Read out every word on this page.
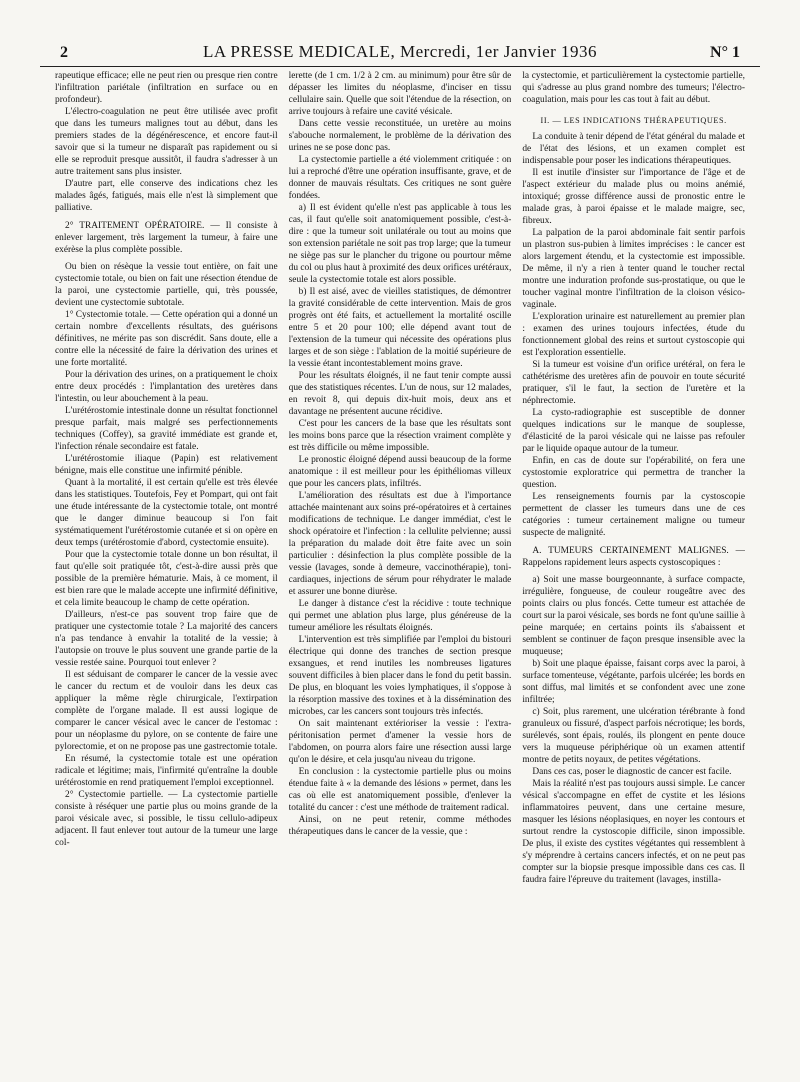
2	LA PRESSE MEDICALE, Mercredi, 1er Janvier 1936	N° 1

rapeutique efficace; elle ne peut rien ou presque rien contre l'infiltration pariétale (infiltration en surface ou en profondeur).

L'électro-coagulation ne peut être utilisée avec profit que dans les tumeurs malignes tout au début, dans les premiers stades de la dégénérescence, et encore faut-il savoir que si la tumeur ne disparaît pas rapidement ou si elle se reproduit presque aussitôt, il faudra s'adresser à un autre traitement sans plus insister.

D'autre part, elle conserve des indications chez les malades âgés, fatigués, mais elle n'est là simplement que palliative.

2° TRAITEMENT OPÉRATOIRE. — Il consiste à enlever largement, très largement la tumeur, à faire une exérèse la plus complète possible.

Ou bien on résèque la vessie tout entière, on fait une cystectomie totale, ou bien on fait une résection étendue de la paroi, une cystectomie partielle, qui, très poussée, devient une cystectomie subtotale.

1° Cystectomie totale. — Cette opération qui a donné un certain nombre d'excellents résultats, des guérisons définitives, ne mérite pas son discrédit. Sans doute, elle a contre elle la nécessité de faire la dérivation des urines et une forte mortalité.

Pour la dérivation des urines, on a pratiquement le choix entre deux procédés : l'implantation des uretères dans l'intestin, ou leur abouchement à la peau.

L'urétérostomie intestinale donne un résultat fonctionnel presque parfait, mais malgré ses perfectionnements techniques (Coffey), sa gravité immédiate est grande et, l'infection rénale secondaire est fatale.

L'urétérostomie iliaque (Papin) est relativement bénigne, mais elle constitue une infirmité pénible.

Quant à la mortalité, il est certain qu'elle est très élevée dans les statistiques. Toutefois, Fey et Pompart, qui ont fait une étude intéressante de la cystectomie totale, ont montré que le danger diminue beaucoup si l'on fait systématiquement l'urétérostomie cutanée et si on opère en deux temps (urétérostomie d'abord, cystectomie ensuite).

Pour que la cystectomie totale donne un bon résultat, il faut qu'elle soit pratiquée tôt, c'est-à-dire aussi près que possible de la première hématurie. Mais, à ce moment, il est bien rare que le malade accepte une infirmité définitive, et cela limite beaucoup le champ de cette opération.

D'ailleurs, n'est-ce pas souvent trop faire que de pratiquer une cystectomie totale ? La majorité des cancers n'a pas tendance à envahir la totalité de la vessie; à l'autopsie on trouve le plus souvent une grande partie de la vessie restée saine. Pourquoi tout enlever ?

Il est séduisant de comparer le cancer de la vessie avec le cancer du rectum et de vouloir dans les deux cas appliquer la même règle chirurgicale, l'extirpation complète de l'organe malade. Il est aussi logique de comparer le cancer vésical avec le cancer de l'estomac : pour un néoplasme du pylore, on se contente de faire une pylorectomie, et on ne propose pas une gastrectomie totale.

En résumé, la cystectomie totale est une opération radicale et légitime; mais, l'infirmité qu'entraîne la double urétérostomie en rend pratiquement l'emploi exceptionnel.

2° Cystectomie partielle. — La cystectomie partielle consiste à réséquer une partie plus ou moins grande de la paroi vésicale avec, si possible, le tissu cellulo-adipeux adjacent. Il faut enlever tout autour de la tumeur une large col-

lerette (de 1 cm. 1/2 à 2 cm. au minimum) pour être sûr de dépasser les limites du néoplasme, d'inciser en tissu cellulaire sain. Quelle que soit l'étendue de la résection, on arrive toujours à refaire une cavité vésicale.

Dans cette vessie reconstituée, un uretère au moins s'abouche normalement, le problème de la dérivation des urines ne se pose donc pas.

La cystectomie partielle a été violemment critiquée : on lui a reproché d'être une opération insuffisante, grave, et de donner de mauvais résultats. Ces critiques ne sont guère fondées.

a) Il est évident qu'elle n'est pas applicable à tous les cas, il faut qu'elle soit anatomiquement possible, c'est-à-dire : que la tumeur soit unilatérale ou tout au moins que son extension pariétale ne soit pas trop large; que la tumeur ne siège pas sur le plancher du trigone ou pourtour même du col ou plus haut à proximité des deux orifices urétéraux, seule la cystectomie totale est alors possible.

b) Il est aisé, avec de vieilles statistiques, de démontrer la gravité considérable de cette intervention. Mais de gros progrès ont été faits, et actuellement la mortalité oscille entre 5 et 20 pour 100; elle dépend avant tout de l'extension de la tumeur qui nécessite des opérations plus larges et de son siège : l'ablation de la moitié supérieure de la vessie étant incontestablement moins grave.

Pour les résultats éloignés, il ne faut tenir compte aussi que des statistiques récentes. L'un de nous, sur 12 malades, en revoit 8, qui depuis dix-huit mois, deux ans et davantage ne présentent aucune récidive.

C'est pour les cancers de la base que les résultats sont les moins bons parce que la résection vraiment complète y est très difficile ou même impossible.

Le pronostic éloigné dépend aussi beaucoup de la forme anatomique : il est meilleur pour les épithéliomas villeux que pour les cancers plats, infiltrés.

L'amélioration des résultats est due à l'importance attachée maintenant aux soins pré-opératoires et à certaines modifications de technique. Le danger immédiat, c'est le shock opératoire et l'infection : la cellulite pelvienne; aussi la préparation du malade doit être faite avec un soin particulier : désinfection la plus complète possible de la vessie (lavages, sonde à demeure, vaccinothérapie), toni-cardiaques, injections de sérum pour réhydrater le malade et assurer une bonne diurèse.

Le danger à distance c'est la récidive : toute technique qui permet une ablation plus large, plus généreuse de la tumeur améliore les résultats éloignés.

L'intervention est très simplifiée par l'emploi du bistouri électrique qui donne des tranches de section presque exsangues, et rend inutiles les nombreuses ligatures souvent difficiles à bien placer dans le fond du petit bassin. De plus, en bloquant les voies lymphatiques, il s'oppose à la résorption massive des toxines et à la dissémination des microbes, car les cancers sont toujours très infectés.

On sait maintenant extérioriser la vessie : l'extra-péritonisation permet d'amener la vessie hors de l'abdomen, on pourra alors faire une résection aussi large qu'on le désire, et cela jusqu'au niveau du trigone.

En conclusion : la cystectomie partielle plus ou moins étendue faite à « la demande des lésions » permet, dans les cas où elle est anatomiquement possible, d'enlever la totalité du cancer : c'est une méthode de traitement radical.

Ainsi, on ne peut retenir, comme méthodes thérapeutiques dans le cancer de la vessie, que :

la cystectomie, et particulièrement la cystectomie partielle, qui s'adresse au plus grand nombre des tumeurs; l'électro-coagulation, mais pour les cas tout à fait au début.

II. — LES INDICATIONS THÉRAPEUTIQUES.

La conduite à tenir dépend de l'état général du malade et de l'état des lésions, et un examen complet est indispensable pour poser les indications thérapeutiques.

Il est inutile d'insister sur l'importance de l'âge et de l'aspect extérieur du malade plus ou moins anémié, intoxiqué; grosse différence aussi de pronostic entre le malade gras, à paroi épaisse et le malade maigre, sec, fibreux.

La palpation de la paroi abdominale fait sentir parfois un plastron sus-pubien à limites imprécises : le cancer est alors largement étendu, et la cystectomie est impossible. De même, il n'y a rien à tenter quand le toucher rectal montre une induration profonde sus-prostatique, ou que le toucher vaginal montre l'infiltration de la cloison vésico-vaginale.

L'exploration urinaire est naturellement au premier plan : examen des urines toujours infectées, étude du fonctionnement global des reins et surtout cystoscopie qui est l'exploration essentielle.

Si la tumeur est voisine d'un orifice urétéral, on fera le cathétérisme des uretères afin de pouvoir en toute sécurité pratiquer, s'il le faut, la section de l'uretère et la néphrectomie.

La cysto-radiographie est susceptible de donner quelques indications sur le manque de souplesse, d'élasticité de la paroi vésicale qui ne laisse pas refouler par le liquide opaque autour de la tumeur.

Enfin, en cas de doute sur l'opérabilité, on fera une cystostomie exploratrice qui permettra de trancher la question.

Les renseignements fournis par la cystoscopie permettent de classer les tumeurs dans une de ces catégories : tumeur certainement maligne ou tumeur suspecte de malignité.

A. TUMEURS CERTAINEMENT MALIGNES. — Rappelons rapidement leurs aspects cystoscopiques :

a) Soit une masse bourgeonnante, à surface compacte, irrégulière, fongueuse, de couleur rougeâtre avec des points clairs ou plus foncés. Cette tumeur est attachée de court sur la paroi vésicale, ses bords ne font qu'une saillie à peine marquée; en certains points ils s'abaissent et semblent se continuer de façon presque insensible avec la muqueuse;

b) Soit une plaque épaisse, faisant corps avec la paroi, à surface tomenteuse, végétante, parfois ulcérée; les bords en sont diffus, mal limités et se confondent avec une zone infiltrée;

c) Soit, plus rarement, une ulcération térébrante à fond granuleux ou fissuré, d'aspect parfois nécrotique; les bords, surélevés, sont épais, roulés, ils plongent en pente douce vers la muqueuse périphérique où un examen attentif montre de petits noyaux, de petites végétations.

Dans ces cas, poser le diagnostic de cancer est facile.

Mais la réalité n'est pas toujours aussi simple. Le cancer vésical s'accompagne en effet de cystite et les lésions inflammatoires peuvent, dans une certaine mesure, masquer les lésions néoplasiques, en noyer les contours et surtout rendre la cystoscopie difficile, sinon impossible. De plus, il existe des cystites végétantes qui ressemblent à s'y méprendre à certains cancers infectés, et on ne peut pas compter sur la biopsie presque impossible dans ces cas. Il faudra faire l'épreuve du traitement (lavages, instilla-
